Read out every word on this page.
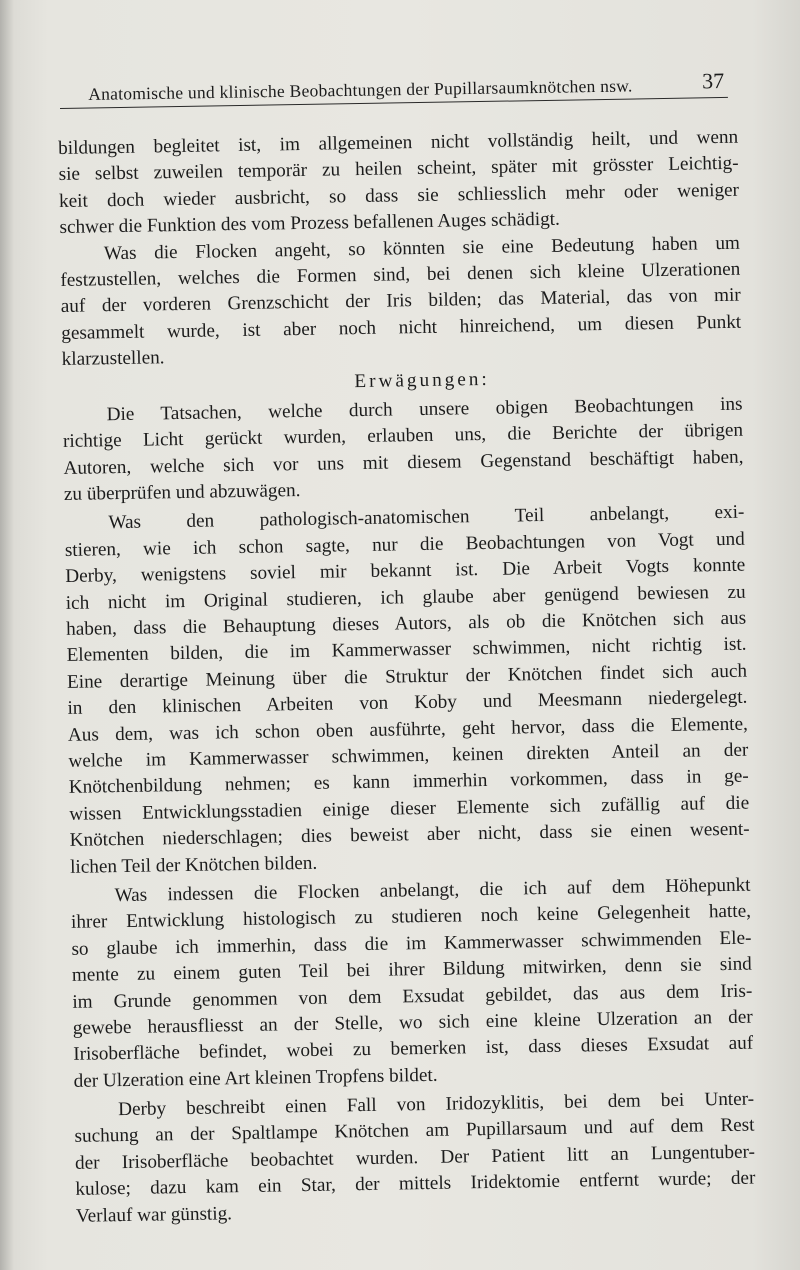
Anatomische und klinische Beobachtungen der Pupillarsaumknötchen nsw.	37
bildungen begleitet ist, im allgemeinen nicht vollständig heilt, und wenn
sie selbst zuweilen temporär zu heilen scheint, später mit grösster Leichtig-
keit doch wieder ausbricht, so dass sie schliesslich mehr oder weniger
schwer die Funktion des vom Prozess befallenen Auges schädigt.
Was die Flocken angeht, so könnten sie eine Bedeutung haben um
festzustellen, welches die Formen sind, bei denen sich kleine Ulzerationen
auf der vorderen Grenzschicht der Iris bilden; das Material, das von mir
gesammelt wurde, ist aber noch nicht hinreichend, um diesen Punkt
klarzustellen.
Erwägungen:
Die Tatsachen, welche durch unsere obigen Beobachtungen ins
richtige Licht gerückt wurden, erlauben uns, die Berichte der übrigen
Autoren, welche sich vor uns mit diesem Gegenstand beschäftigt haben,
zu überprüfen und abzuwägen.
Was den pathologisch-anatomischen Teil anbelangt, exi-
stieren, wie ich schon sagte, nur die Beobachtungen von Vogt und
Derby, wenigstens soviel mir bekannt ist. Die Arbeit Vogts konnte
ich nicht im Original studieren, ich glaube aber genügend bewiesen zu
haben, dass die Behauptung dieses Autors, als ob die Knötchen sich aus
Elementen bilden, die im Kammerwasser schwimmen, nicht richtig ist.
Eine derartige Meinung über die Struktur der Knötchen findet sich auch
in den klinischen Arbeiten von Koby und Meesmann niedergelegt.
Aus dem, was ich schon oben ausführte, geht hervor, dass die Elemente,
welche im Kammerwasser schwimmen, keinen direkten Anteil an der
Knötchenbildung nehmen; es kann immerhin vorkommen, dass in ge-
wissen Entwicklungsstadien einige dieser Elemente sich zufällig auf die
Knötchen niederschlagen; dies beweist aber nicht, dass sie einen wesent-
lichen Teil der Knötchen bilden.
Was indessen die Flocken anbelangt, die ich auf dem Höhepunkt
ihrer Entwicklung histologisch zu studieren noch keine Gelegenheit hatte,
so glaube ich immerhin, dass die im Kammerwasser schwimmenden Ele-
mente zu einem guten Teil bei ihrer Bildung mitwirken, denn sie sind
im Grunde genommen von dem Exsudat gebildet, das aus dem Iris-
gewebe herausfliesst an der Stelle, wo sich eine kleine Ulzeration an der
Irisoberfläche befindet, wobei zu bemerken ist, dass dieses Exsudat auf
der Ulzeration eine Art kleinen Tropfens bildet.
Derby beschreibt einen Fall von Iridozyklitis, bei dem bei Unter-
suchung an der Spaltlampe Knötchen am Pupillarsaum und auf dem Rest
der Irisoberfläche beobachtet wurden. Der Patient litt an Lungentuber-
kulose; dazu kam ein Star, der mittels Iridektomie entfernt wurde; der
Verlauf war günstig.
